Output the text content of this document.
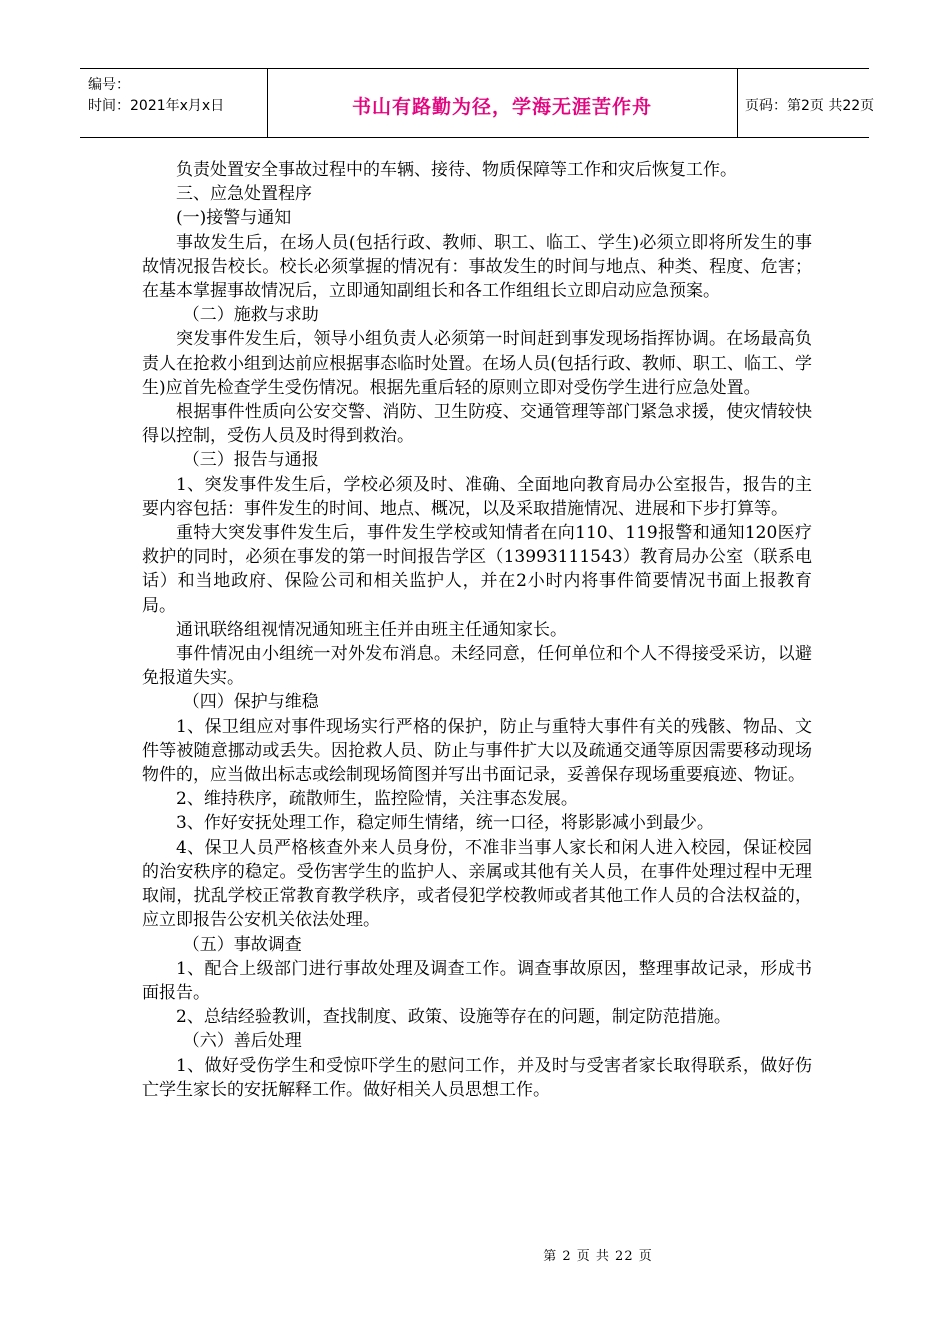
编号：
时间：2021年x月x日	书山有路勤为径，学海无涯苦作舟	页码：第2页 共22页

负责处置安全事故过程中的车辆、接待、物质保障等工作和灾后恢复工作。

三、应急处置程序

(一)接警与通知

事故发生后，在场人员(包括行政、教师、职工、临工、学生)必须立即将所发生的事故情况报告校长。校长必须掌握的情况有：事故发生的时间与地点、种类、程度、危害；在基本掌握事故情况后，立即通知副组长和各工作组组长立即启动应急预案。

（二）施救与求助

突发事件发生后，领导小组负责人必须第一时间赶到事发现场指挥协调。在场最高负责人在抢救小组到达前应根据事态临时处置。在场人员(包括行政、教师、职工、临工、学生)应首先检查学生受伤情况。根据先重后轻的原则立即对受伤学生进行应急处置。

根据事件性质向公安交警、消防、卫生防疫、交通管理等部门紧急求援，使灾情较快得以控制，受伤人员及时得到救治。

（三）报告与通报

1、突发事件发生后，学校必须及时、准确、全面地向教育局办公室报告，报告的主要内容包括：事件发生的时间、地点、概况，以及采取措施情况、进展和下步打算等。

重特大突发事件发生后，事件发生学校或知情者在向110、119报警和通知120医疗救护的同时，必须在事发的第一时间报告学区（13993111543）教育局办公室（联系电话）和当地政府、保险公司和相关监护人，并在2小时内将事件简要情况书面上报教育局。

通讯联络组视情况通知班主任并由班主任通知家长。

事件情况由小组统一对外发布消息。未经同意，任何单位和个人不得接受采访，以避免报道失实。

（四）保护与维稳

1、保卫组应对事件现场实行严格的保护，防止与重特大事件有关的残骸、物品、文件等被随意挪动或丢失。因抢救人员、防止与事件扩大以及疏通交通等原因需要移动现场物件的，应当做出标志或绘制现场简图并写出书面记录，妥善保存现场重要痕迹、物证。

2、维持秩序，疏散师生，监控险情，关注事态发展。

3、作好安抚处理工作，稳定师生情绪，统一口径，将影影减小到最少。

4、保卫人员严格核查外来人员身份，不准非当事人家长和闲人进入校园，保证校园的治安秩序的稳定。受伤害学生的监护人、亲属或其他有关人员，在事件处理过程中无理取闹，扰乱学校正常教育教学秩序，或者侵犯学校教师或者其他工作人员的合法权益的，应立即报告公安机关依法处理。

（五）事故调查

1、配合上级部门进行事故处理及调查工作。调查事故原因，整理事故记录，形成书面报告。

2、总结经验教训，查找制度、政策、设施等存在的问题，制定防范措施。

（六）善后处理

1、做好受伤学生和受惊吓学生的慰问工作，并及时与受害者家长取得联系，做好伤亡学生家长的安抚解释工作。做好相关人员思想工作。

第 2 页 共 22 页
